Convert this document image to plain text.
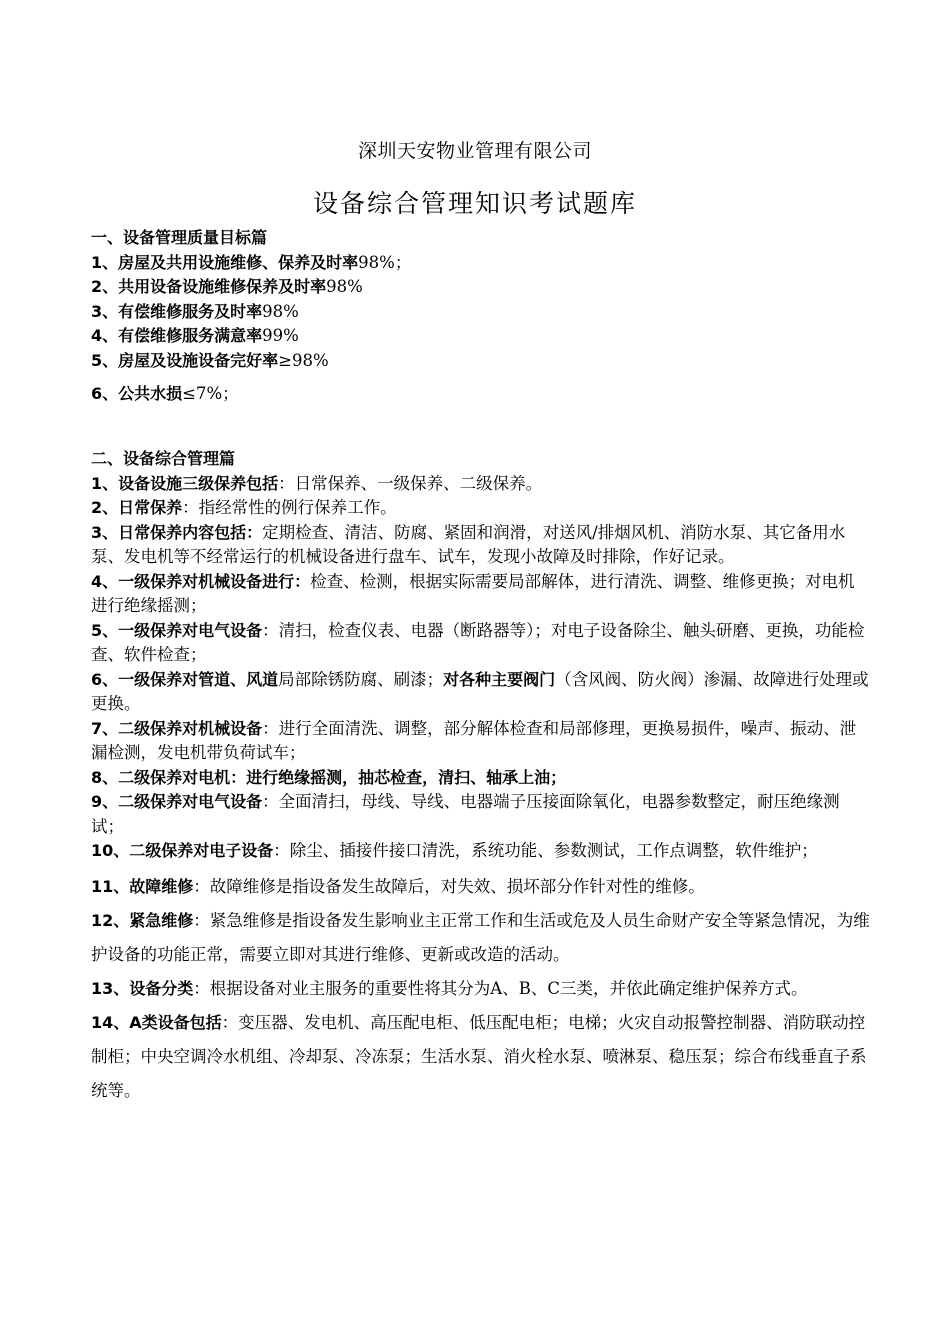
深圳天安物业管理有限公司
设备综合管理知识考试题库

一、设备管理质量目标篇

1、房屋及共用设施维修、保养及时率98%；

2、共用设备设施维修保养及时率98%

3、有偿维修服务及时率98%

4、有偿维修服务满意率99%

5、房屋及设施设备完好率≥98%

6、公共水损≤7%；

二、设备综合管理篇

1、设备设施三级保养包括：日常保养、一级保养、二级保养。

2、日常保养：指经常性的例行保养工作。

3、日常保养内容包括：定期检查、清洁、防腐、紧固和润滑，对送风/排烟风机、消防水泵、其它备用水泵、发电机等不经常运行的机械设备进行盘车、试车，发现小故障及时排除，作好记录。

4、一级保养对机械设备进行：检查、检测，根据实际需要局部解体，进行清洗、调整、维修更换；对电机进行绝缘摇测；

5、一级保养对电气设备：清扫，检查仪表、电器（断路器等）；对电子设备除尘、触头研磨、更换，功能检查、软件检查；

6、一级保养对管道、风道局部除锈防腐、刷漆；对各种主要阀门（含风阀、防火阀）渗漏、故障进行处理或更换。

7、二级保养对机械设备：进行全面清洗、调整，部分解体检查和局部修理，更换易损件，噪声、振动、泄漏检测，发电机带负荷试车；

8、二级保养对电机：进行绝缘摇测，抽芯检查，清扫、轴承上油；

9、二级保养对电气设备：全面清扫，母线、导线、电器端子压接面除氧化，电器参数整定，耐压绝缘测试；

10、二级保养对电子设备：除尘、插接件接口清洗，系统功能、参数测试，工作点调整，软件维护；

11、故障维修：故障维修是指设备发生故障后，对失效、损坏部分作针对性的维修。

12、紧急维修：紧急维修是指设备发生影响业主正常工作和生活或危及人员生命财产安全等紧急情况，为维护设备的功能正常，需要立即对其进行维修、更新或改造的活动。

13、设备分类：根据设备对业主服务的重要性将其分为A、B、C三类，并依此确定维护保养方式。

14、A类设备包括：变压器、发电机、高压配电柜、低压配电柜；电梯；火灾自动报警控制器、消防联动控制柜；中央空调冷水机组、冷却泵、冷冻泵；生活水泵、消火栓水泵、喷淋泵、稳压泵；综合布线垂直子系统等。
